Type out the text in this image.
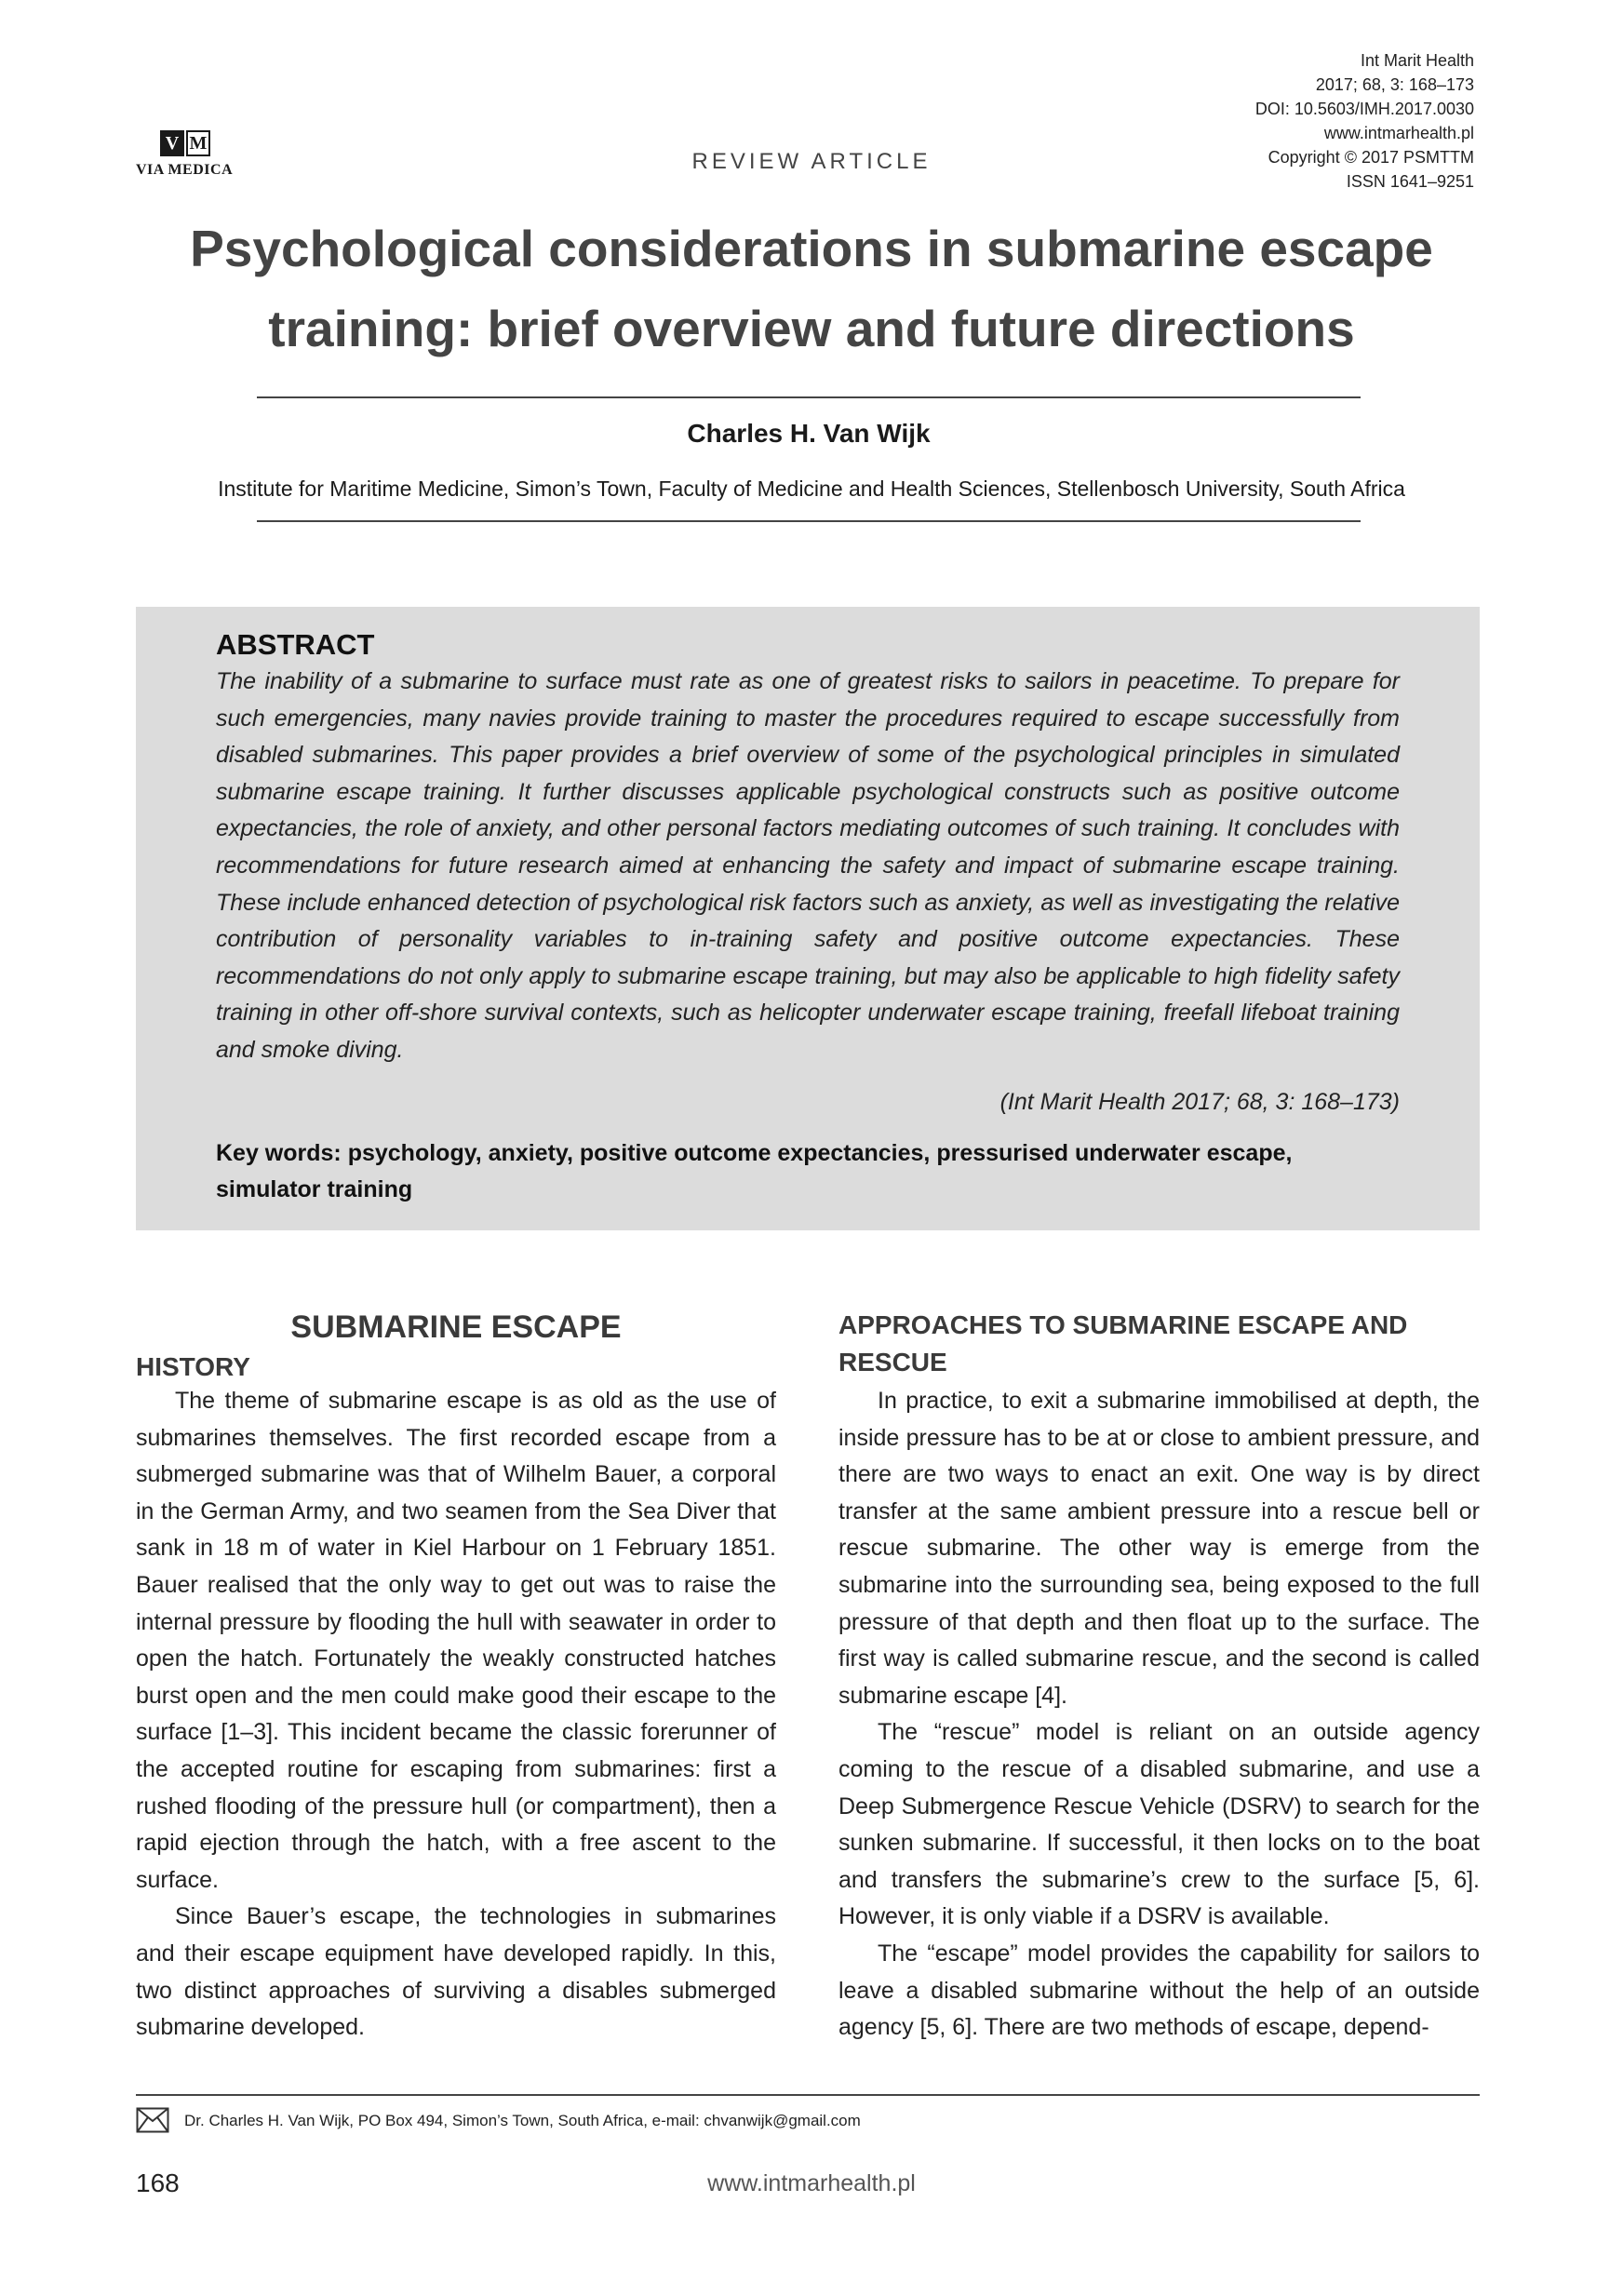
V M
VIA MEDICA	REVIEW ARTICLE
Int Marit Health
2017; 68, 3: 168–173
DOI: 10.5603/IMH.2017.0030
www.intmarhealth.pl
Copyright © 2017 PSMTTM
ISSN 1641–9251
Psychological considerations in submarine escape training: brief overview and future directions
Charles H. Van Wijk
Institute for Maritime Medicine, Simon’s Town, Faculty of Medicine and Health Sciences, Stellenbosch University, South Africa
ABSTRACT
The inability of a submarine to surface must rate as one of greatest risks to sailors in peacetime. To prepare for such emergencies, many navies provide training to master the procedures required to escape successfully from disabled submarines. This paper provides a brief overview of some of the psychological principles in simulated submarine escape training. It further discusses applicable psychological constructs such as positive outcome expectancies, the role of anxiety, and other personal factors mediating outcomes of such training. It concludes with recommendations for future research aimed at enhancing the safety and impact of submarine escape training. These include enhanced detection of psychological risk factors such as anxiety, as well as investigating the relative contribution of personality variables to in-training safety and positive outcome expectancies. These recommendations do not only apply to submarine escape training, but may also be applicable to high fidelity safety training in other off-shore survival contexts, such as helicopter underwater escape training, freefall lifeboat training and smoke diving.
(Int Marit Health 2017; 68, 3: 168–173)
Key words: psychology, anxiety, positive outcome expectancies, pressurised underwater escape, simulator training
SUBMARINE ESCAPE
HISTORY
APPROACHES TO SUBMARINE ESCAPE AND RESCUE

The theme of submarine escape is as old as the use of submarines themselves. The first recorded escape from a submerged submarine was that of Wilhelm Bauer, a corporal in the German Army, and two seamen from the Sea Diver that sank in 18 m of water in Kiel Harbour on 1 February 1851. Bauer realised that the only way to get out was to raise the internal pressure by flooding the hull with seawater in order to open the hatch. Fortunately the weakly constructed hatches burst open and the men could make good their escape to the surface [1–3]. This incident became the classic forerunner of the accepted routine for escaping from submarines: first a rushed flooding of the pressure hull (or compartment), then a rapid ejection through the hatch, with a free ascent to the surface.

Since Bauer’s escape, the technologies in submarines and their escape equipment have developed rapidly. In this, two distinct approaches of surviving a disables submerged submarine developed.

In practice, to exit a submarine immobilised at depth, the inside pressure has to be at or close to ambient pressure, and there are two ways to enact an exit. One way is by direct transfer at the same ambient pressure into a rescue bell or rescue submarine. The other way is emerge from the submarine into the surrounding sea, being exposed to the full pressure of that depth and then float up to the surface. The first way is called submarine rescue, and the second is called submarine escape [4].

The “rescue” model is reliant on an outside agency coming to the rescue of a disabled submarine, and use a Deep Submergence Rescue Vehicle (DSRV) to search for the sunken submarine. If successful, it then locks on to the boat and transfers the submarine’s crew to the surface [5, 6]. However, it is only viable if a DSRV is available.

The “escape” model provides the capability for sailors to leave a disabled submarine without the help of an outside agency [5, 6]. There are two methods of escape, depend-

Dr. Charles H. Van Wijk, PO Box 494, Simon’s Town, South Africa, e-mail: chvanwijk@gmail.com
168	www.intmarhealth.pl
